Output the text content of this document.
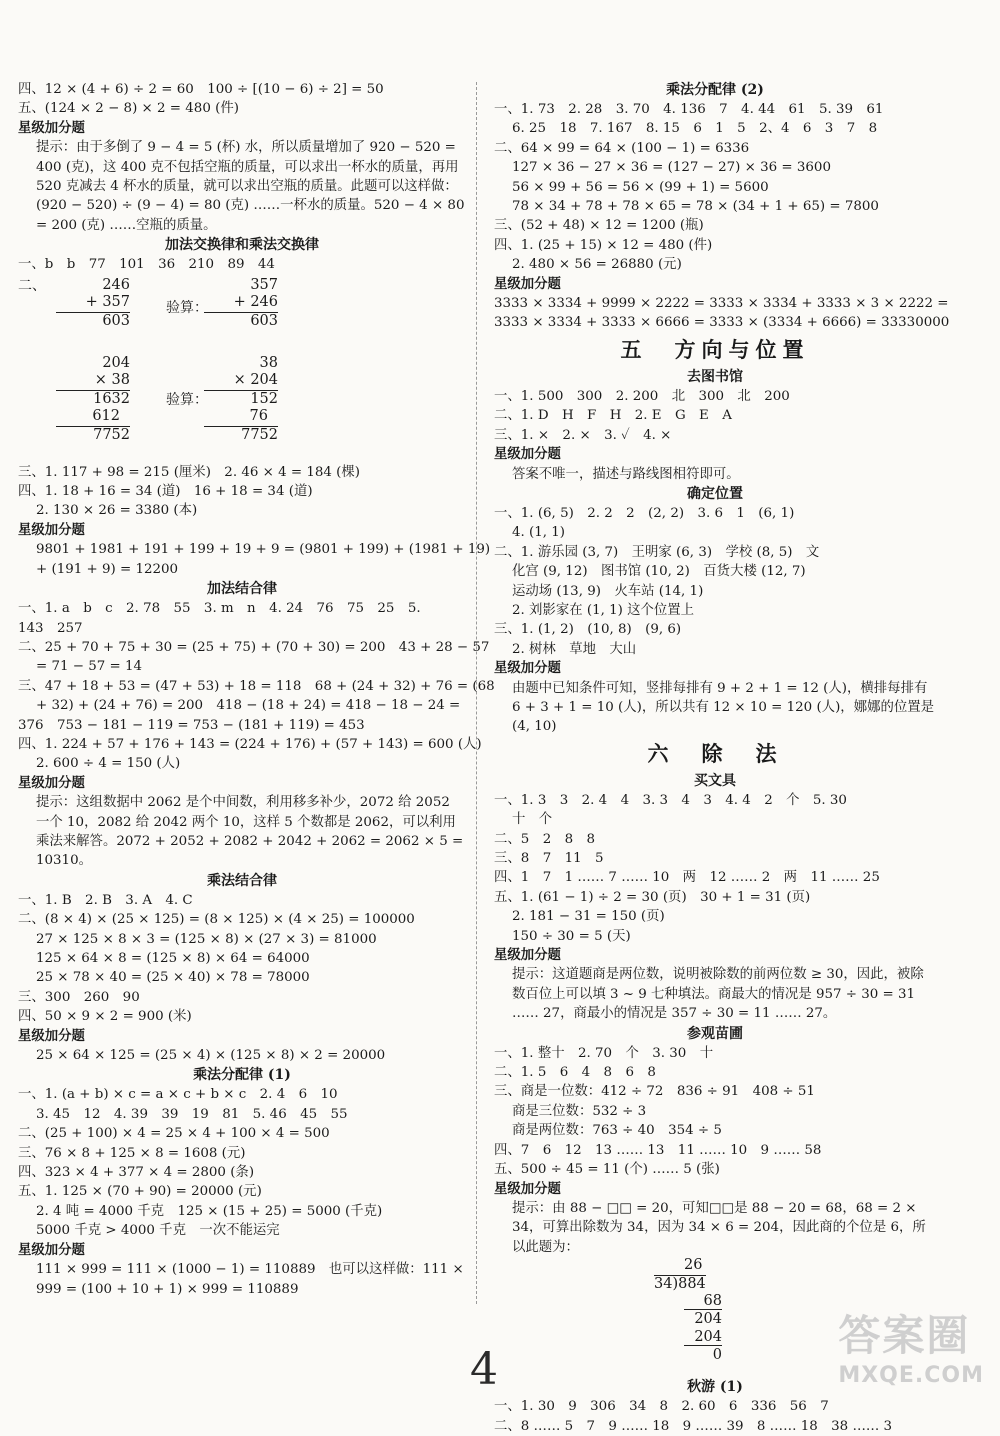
四、12 × (4 + 6) ÷ 2 = 60　100 ÷ [(10 − 6) ÷ 2] = 50
五、(124 × 2 − 8) × 2 = 480 (件)
星级加分题
提示：由于多倒了 9 − 4 = 5 (杯) 水，所以质量增加了 920 − 520 = 400 (克)，这 400 克不包括空瓶的质量，可以求出一杯水的质量，再用 520 克减去 4 杯水的质量，就可以求出空瓶的质量。此题可以这样做：(920 − 520) ÷ (9 − 4) = 80 (克) ……一杯水的质量。520 − 4 × 80 = 200 (克) ……空瓶的质量。
加法交换律和乘法交换律
一、b　b　77　101　36　210　89　44
二、	246
+ 357
603
验算：
357
+ 246
603
204
× 38
1632
612
7752
验算：
38
× 204
152
76
7752
三、1. 117 + 98 = 215 (厘米)　2. 46 × 4 = 184 (棵)
四、1. 18 + 16 = 34 (道)　16 + 18 = 34 (道)
2. 130 × 26 = 3380 (本)
星级加分题
9801 + 1981 + 191 + 199 + 19 + 9 = (9801 + 199) + (1981 + 19)
+ (191 + 9) = 12200
加法结合律
一、1. a　b　c　2. 78　55　3. m　n　4. 24　76　75　25　5.
143　257
二、25 + 70 + 75 + 30 = (25 + 75) + (70 + 30) = 200　43 + 28 − 57
= 71 − 57 = 14
三、47 + 18 + 53 = (47 + 53) + 18 = 118　68 + (24 + 32) + 76 = (68
+ 32) + (24 + 76) = 200　418 − (18 + 24) = 418 − 18 − 24 =
376　753 − 181 − 119 = 753 − (181 + 119) = 453
四、1. 224 + 57 + 176 + 143 = (224 + 176) + (57 + 143) = 600 (人)
2. 600 ÷ 4 = 150 (人)
星级加分题
提示：这组数据中 2062 是个中间数，利用移多补少，2072 给 2052 一个 10，2082 给 2042 两个 10，这样 5 个数都是 2062，可以利用乘法来解答。2072 + 2052 + 2082 + 2042 + 2062 = 2062 × 5 = 10310。
乘法结合律
一、1. B　2. B　3. A　4. C
二、(8 × 4) × (25 × 125) = (8 × 125) × (4 × 25) = 100000
27 × 125 × 8 × 3 = (125 × 8) × (27 × 3) = 81000
125 × 64 × 8 = (125 × 8) × 64 = 64000
25 × 78 × 40 = (25 × 40) × 78 = 78000
三、300　260　90
四、50 × 9 × 2 = 900 (米)
星级加分题
25 × 64 × 125 = (25 × 4) × (125 × 8) × 2 = 20000
乘法分配律 (1)
一、1. (a + b) × c = a × c + b × c　2. 4　6　10
3. 45　12　4. 39　39　19　81　5. 46　45　55
二、(25 + 100) × 4 = 25 × 4 + 100 × 4 = 500
三、76 × 8 + 125 × 8 = 1608 (元)
四、323 × 4 + 377 × 4 = 2800 (条)
五、1. 125 × (70 + 90) = 20000 (元)
2. 4 吨 = 4000 千克　125 × (15 + 25) = 5000 (千克)
5000 千克 > 4000 千克　一次不能运完
星级加分题
111 × 999 = 111 × (1000 − 1) = 110889　也可以这样做：111 ×
999 = (100 + 10 + 1) × 999 = 110889
乘法分配律 (2)
一、1. 73　2. 28　3. 70　4. 136　7　4. 44　61　5. 39　61
6. 25　18　7. 167　8. 15　6　1　5　2、4　6　3　7　8
二、64 × 99 = 64 × (100 − 1) = 6336
127 × 36 − 27 × 36 = (127 − 27) × 36 = 3600
56 × 99 + 56 = 56 × (99 + 1) = 5600
78 × 34 + 78 + 78 × 65 = 78 × (34 + 1 + 65) = 7800
三、(52 + 48) × 12 = 1200 (瓶)
四、1. (25 + 15) × 12 = 480 (件)
2. 480 × 56 = 26880 (元)
星级加分题
3333 × 3334 + 9999 × 2222 = 3333 × 3334 + 3333 × 3 × 2222 =
3333 × 3334 + 3333 × 6666 = 3333 × (3334 + 6666) = 33330000
五　方向与位置
去图书馆
一、1. 500　300　2. 200　北　300　北　200
二、1. D　H　F　H　2. E　G　E　A
三、1. ×　2. ×　3. ✓　4. ×
星级加分题
答案不唯一，描述与路线图相符即可。
确定位置
一、1. (6, 5)　2. 2　2　(2, 2)　3. 6　1　(6, 1)
4. (1, 1)
二、1. 游乐园 (3, 7)　王明家 (6, 3)　学校 (8, 5)　文
化宫 (9, 12)　图书馆 (10, 2)　百货大楼 (12, 7)
运动场 (13, 9)　火车站 (14, 1)
2. 刘影家在 (1, 1) 这个位置上
三、1. (1, 2)　(10, 8)　(9, 6)
2. 树林　草地　大山
星级加分题
由题中已知条件可知，竖排每排有 9 + 2 + 1 = 12 (人)，横排每排有 6 + 3 + 1 = 10 (人)，所以共有 12 × 10 = 120 (人)，娜娜的位置是 (4, 10)
六　除　法
买文具
一、1. 3　3　2. 4　4　3. 3　4　3　4. 4　2　个　5. 30
十　个
二、5　2　8　8
三、8　7　11　5
四、1　7　1 …… 7 …… 10　两　12 …… 2　两　11 …… 25
五、1. (61 − 1) ÷ 2 = 30 (页)　30 + 1 = 31 (页)
2. 181 − 31 = 150 (页)
150 ÷ 30 = 5 (天)
星级加分题
提示：这道题商是两位数，说明被除数的前两位数 ≥ 30，因此，被除数百位上可以填 3 ~ 9 七种填法。商最大的情况是 957 ÷ 30 = 31 …… 27，商最小的情况是 357 ÷ 30 = 11 …… 27。
参观苗圃
一、1. 整十　2. 70　个　3. 30　十
二、1. 5　6　4　8　6　8
三、商是一位数：412 ÷ 72　836 ÷ 91　408 ÷ 51
商是三位数：532 ÷ 3
商是两位数：763 ÷ 40　354 ÷ 5
四、7　6　12　13 …… 13　11 …… 10　9 …… 58
五、500 ÷ 45 = 11 (个) …… 5 (张)
星级加分题
提示：由 88 − □□ = 20，可知□□是 88 − 20 = 68，68 = 2 × 34，可算出除数为 34，因为 34 × 6 = 204，因此商的个位是 6，所以此题为：
26
34)884
68
204
204
0
秋游 (1)
一、1. 30　9　306　34　8　2. 60　6　336　56　7
二、8 …… 5　7　9 …… 18　9 …… 39　8 …… 18　38 …… 3
4
答案圈
MXQE.COM
